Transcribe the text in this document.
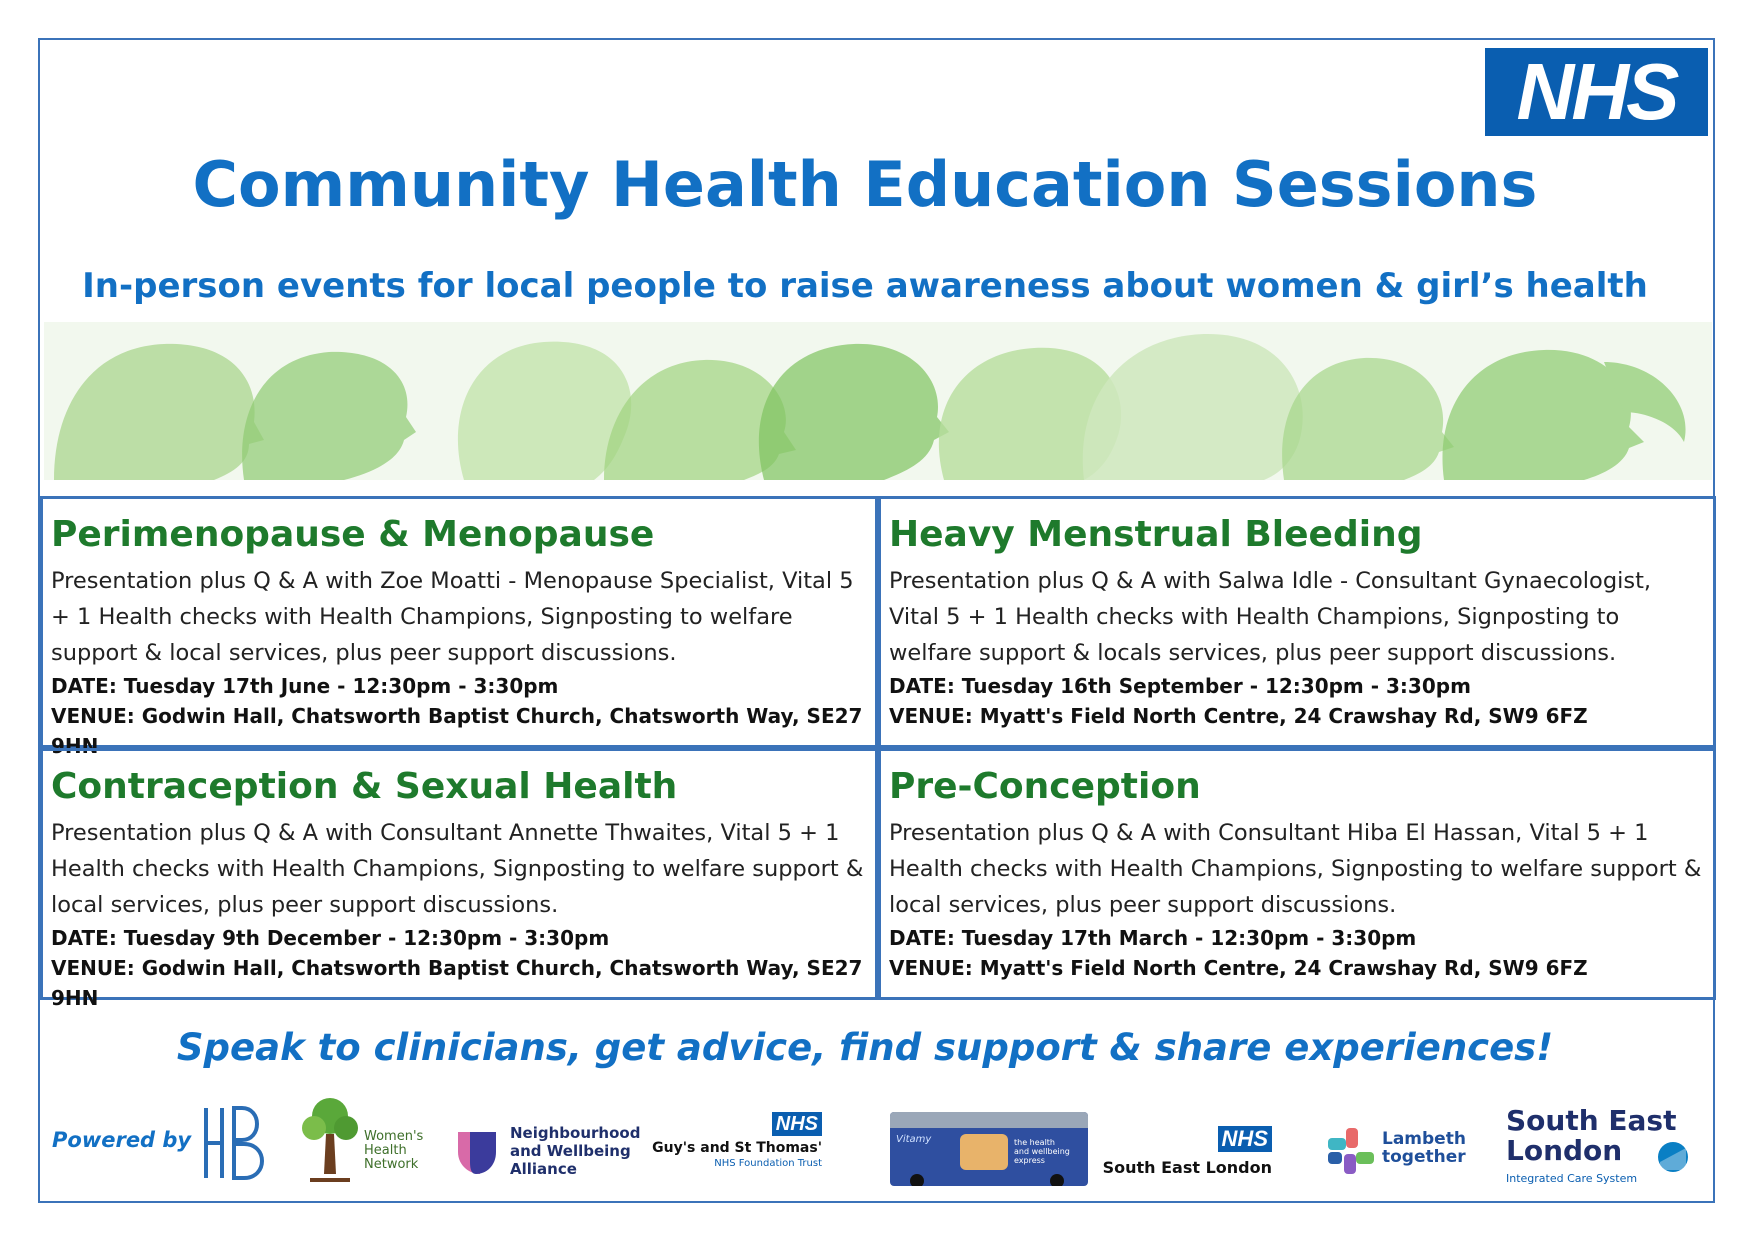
NHS
Community Health Education Sessions
In-person events for local people to raise awareness about women & girl’s health
Perimenopause & Menopause

Presentation plus Q & A with Zoe Moatti - Menopause Specialist, Vital 5 + 1 Health checks with Health Champions, Signposting to welfare support & local services, plus peer support discussions.

DATE: Tuesday 17th June - 12:30pm - 3:30pm

VENUE: Godwin Hall, Chatsworth Baptist Church, Chatsworth Way, SE27 9HN

Heavy Menstrual Bleeding

Presentation plus Q & A with Salwa Idle - Consultant Gynaecologist, Vital 5 + 1 Health checks with Health Champions, Signposting to welfare support & locals services, plus peer support discussions.

DATE: Tuesday 16th September - 12:30pm - 3:30pm

VENUE: Myatt's Field North Centre, 24 Crawshay Rd, SW9 6FZ

Contraception & Sexual Health

Presentation plus Q & A with Consultant Annette Thwaites, Vital 5 + 1 Health checks with Health Champions, Signposting to welfare support & local services, plus peer support discussions.

DATE: Tuesday 9th December - 12:30pm - 3:30pm

VENUE: Godwin Hall, Chatsworth Baptist Church, Chatsworth Way, SE27 9HN

Pre-Conception

Presentation plus Q & A with Consultant Hiba El Hassan, Vital 5 + 1 Health checks with Health Champions, Signposting to welfare support & local services, plus peer support discussions.

DATE: Tuesday 17th March - 12:30pm - 3:30pm

VENUE: Myatt's Field North Centre, 24 Crawshay Rd, SW9 6FZ

Speak to clinicians, get advice, find support & share experiences!
Powered by	Women's
Health
Network
Neighbourhood
and Wellbeing
Alliance
NHS
Guy's and St Thomas'
NHS Foundation Trust
Vitamy	the health
and wellbeing
express
NHS
South East London
Lambeth
together
South East
London
Integrated Care System
